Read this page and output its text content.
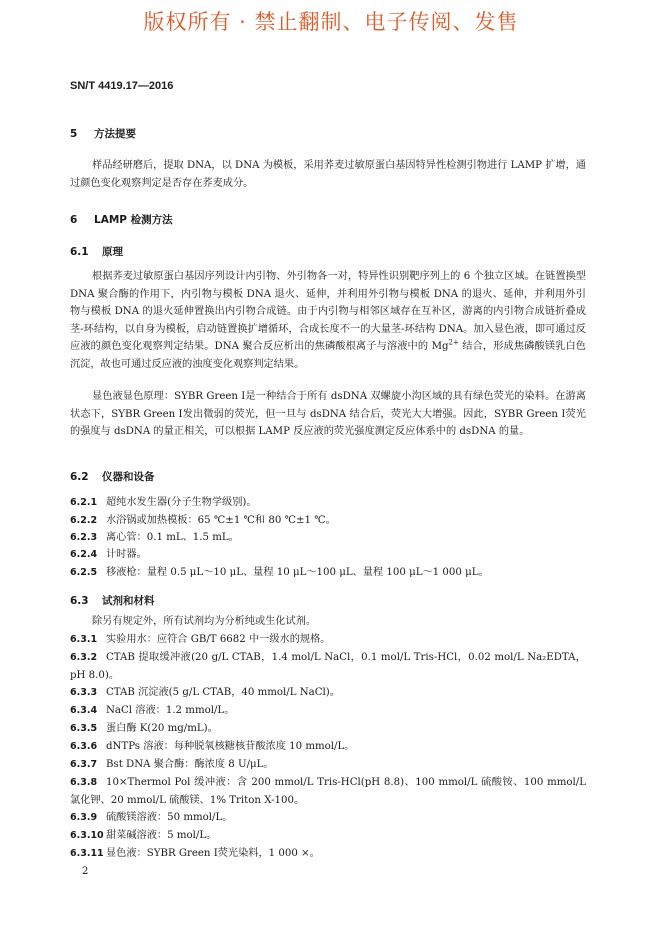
版权所有 · 禁止翻制、电子传阅、发售
SN/T 4419.17—2016
5 方法提要

样品经研磨后，提取 DNA，以 DNA 为模板，采用荞麦过敏原蛋白基因特异性检测引物进行 LAMP 扩增，通过颜色变化观察判定是否存在荞麦成分。

6 LAMP 检测方法
6.1 原理

根据荞麦过敏原蛋白基因序列设计内引物、外引物各一对，特异性识别靶序列上的 6 个独立区域。在链置换型 DNA 聚合酶的作用下，内引物与模板 DNA 退火、延伸，并利用外引物与模板 DNA 的退火、延伸，并利用外引物与模板 DNA 的退火延伸置换出内引物合成链。由于内引物与相邻区域存在互补区，游离的内引物合成链折叠成茎-环结构，以自身为模板，启动链置换扩增循环，合成长度不一的大量茎-环结构 DNA。加入显色液，即可通过反应液的颜色变化观察判定结果。DNA 聚合反应析出的焦磷酸根离子与溶液中的 $Mg^{2+}$ 结合，形成焦磷酸镁乳白色沉淀，故也可通过反应液的浊度变化观察判定结果。

显色液显色原理：SYBR Green Ⅰ是一种结合于所有 dsDNA 双螺旋小沟区域的具有绿色荧光的染料。在游离状态下，SYBR Green Ⅰ发出微弱的荧光，但一旦与 dsDNA 结合后，荧光大大增强。因此，SYBR Green Ⅰ荧光的强度与 dsDNA 的量正相关，可以根据 LAMP 反应液的荧光强度测定反应体系中的 dsDNA 的量。

6.2 仪器和设备
6.2.1 超纯水发生器(分子生物学级别)。
6.2.2 水浴锅或加热模板：65 ℃±1 ℃和 80 ℃±1 ℃。
6.2.3 离心管：0.1 mL、1.5 mL。
6.2.4 计时器。
6.2.5 移液枪：量程 0.5 μL～10 μL、量程 10 μL～100 μL、量程 100 μL～1 000 μL。
6.3 试剂和材料

除另有规定外，所有试剂均为分析纯或生化试剂。

6.3.1 实验用水：应符合 GB/T 6682 中一级水的规格。
6.3.2 CTAB 提取缓冲液(20 g/L CTAB，1.4 mol/L NaCl，0.1 mol/L Tris-HCl，0.02 mol/L Na₂EDTA，pH 8.0)。
6.3.3 CTAB 沉淀液(5 g/L CTAB，40 mmol/L NaCl)。
6.3.4 NaCl 溶液：1.2 mmol/L。
6.3.5 蛋白酶 K(20 mg/mL)。
6.3.6 dNTPs 溶液：每种脱氧核糖核苷酸浓度 10 mmol/L。
6.3.7 Bst DNA 聚合酶：酶浓度 8 U/μL。
6.3.8 10×Thermol Pol 缓冲液：含 200 mmol/L Tris-HCl(pH 8.8)、100 mmol/L 硫酸铵、100 mmol/L 氯化钾、20 mmol/L 硫酸镁、1% Triton X-100。
6.3.9 硫酸镁溶液：50 mmol/L。
6.3.10 甜菜碱溶液：5 mol/L。
6.3.11 显色液：SYBR Green Ⅰ荧光染料，1 000 ×。
2
